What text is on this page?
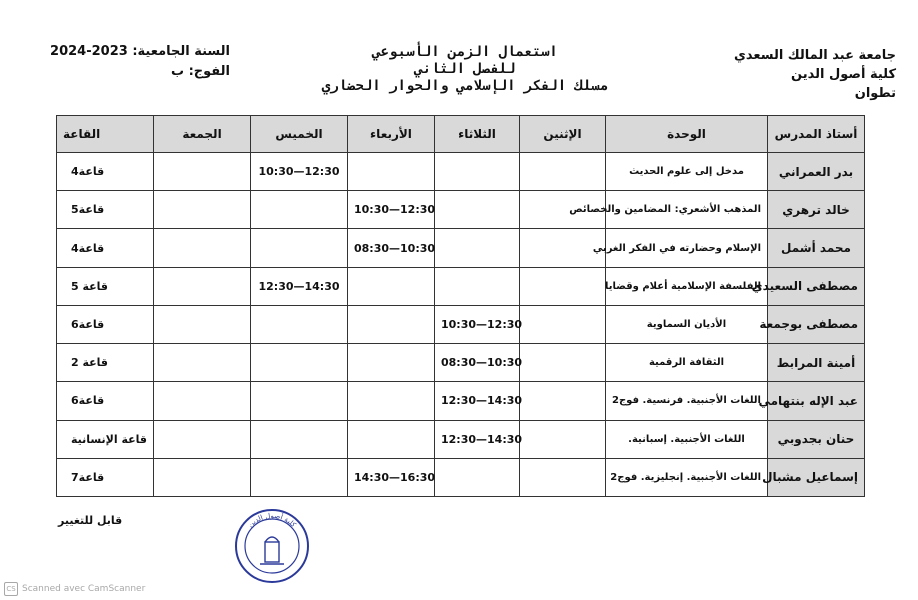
جامعة عبد المالك السعدي
كلية أصول الدين
تطوان
استعمال الزمن الأسبوعي
للفصل الثاني
مسلك الفكر الإسلامي والحوار الحضاري
السنة الجامعية: 2023-2024
الفوج: ب
أستاذ المدرس	الوحدة	الإثنين	الثلاثاء	الأربعاء	الخميس	الجمعة	القاعة
بدر العمراني	مدخل إلى علوم الحديث				10:30—12:30		قاعة4
خالد ترهري	المذهب الأشعري: المضامين والخصائص			10:30—12:30			قاعة5
محمد أشمل	الإسلام وحضارته في الفكر الغربي			08:30—10:30			قاعة4
مصطفى السعيدي	الفلسفة الإسلامية أعلام وقضايا				12:30—14:30		قاعة 5
مصطفى بوجمعة	الأديان السماوية		10:30—12:30				قاعة6
أمينة المرابط	الثقافة الرقمية		08:30—10:30				قاعة 2
عبد الإله بنتهامي	اللغات الأجنبية. فرنسية. فوج2		12:30—14:30				قاعة6
حنان بجدوبي	اللغات الأجنبية. إسبانية.		12:30—14:30				قاعة الإنسانية
إسماعيل مشبال	اللغات الأجنبية. إنجليزية. فوج2			14:30—16:30			قاعة7
قابل للتغيير	كلية أصول الدين
CS Scanned avec CamScanner
